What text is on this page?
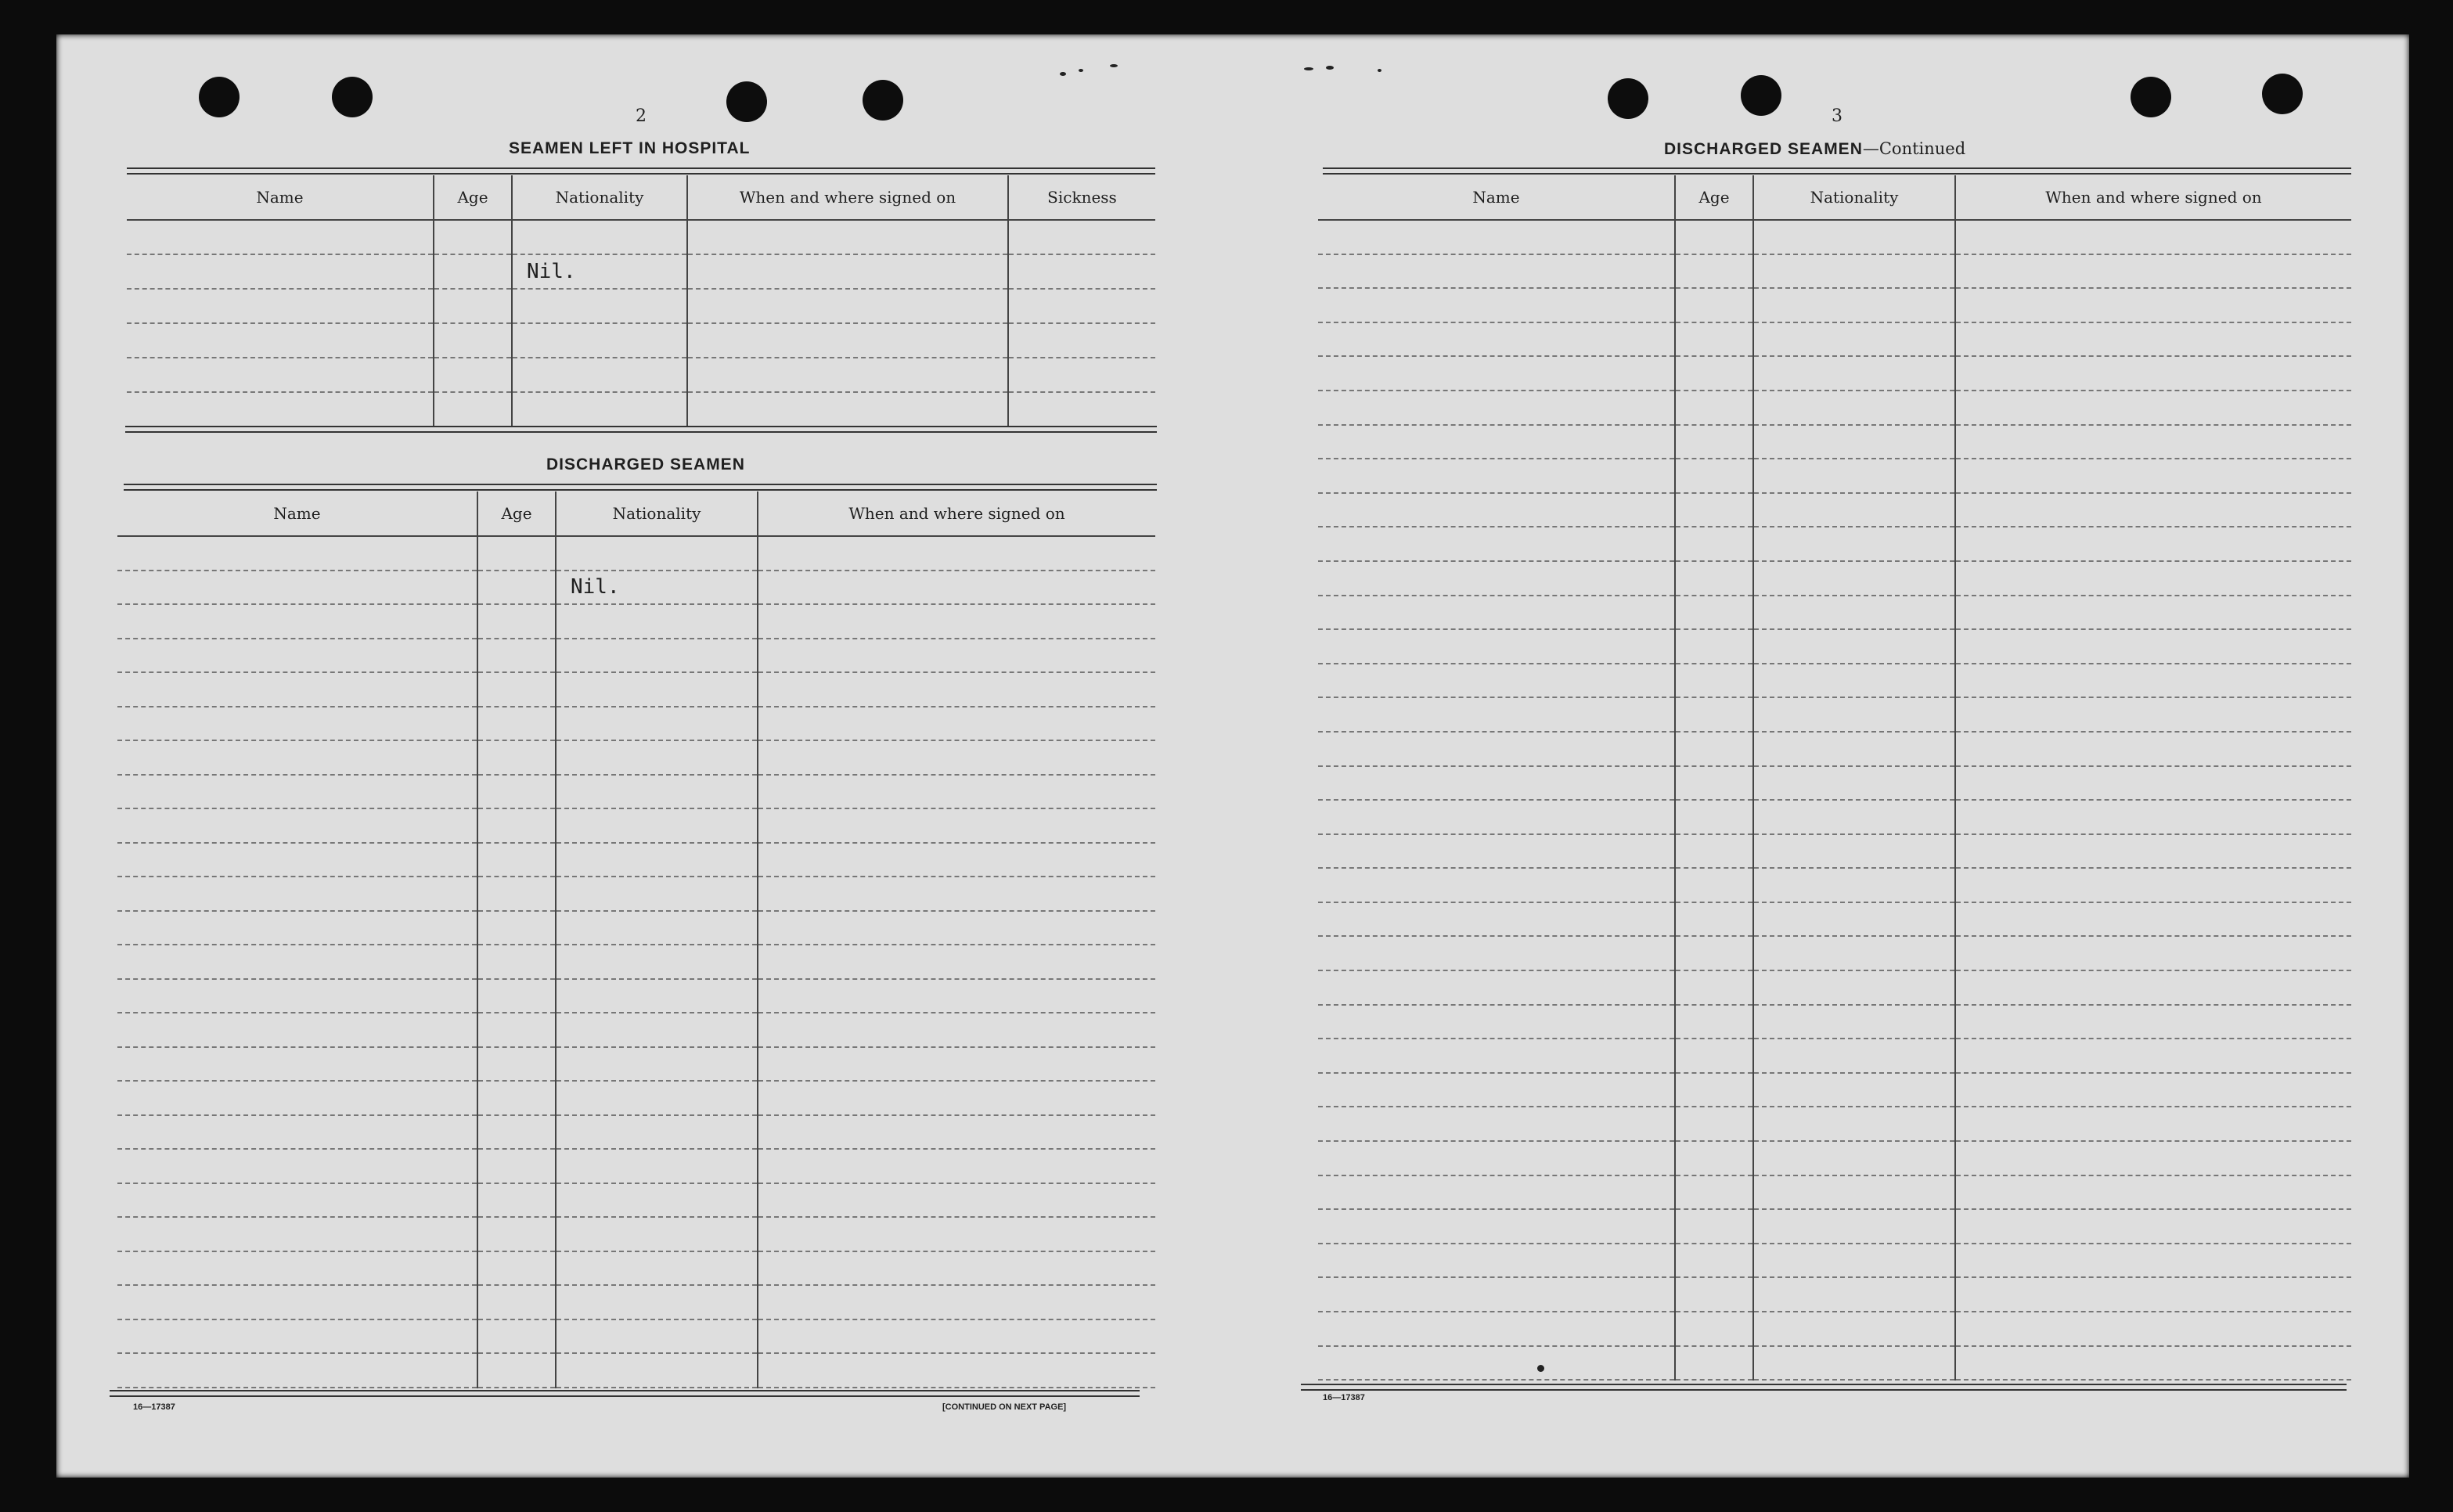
2
SEAMEN LEFT IN HOSPITAL
Name	Age	Nationality	When and where signed on	Sickness

		Nil.		

DISCHARGED SEAMEN
Name	Age	Nationality	When and where signed on

		Nil.	

16—17387	[CONTINUED ON NEXT PAGE]
3
DISCHARGED SEAMEN—Continued
Name	Age	Nationality	When and where signed on

16—17387
